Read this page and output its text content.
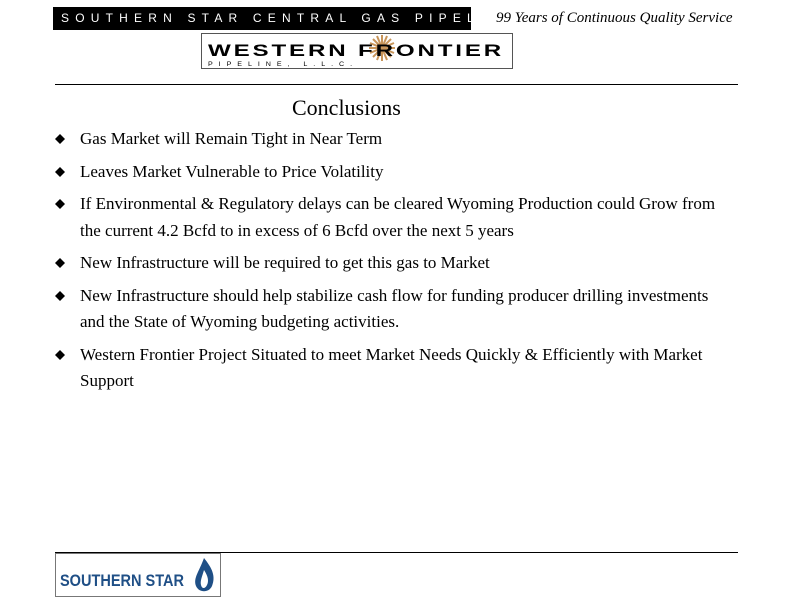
SOUTHERN STAR CENTRAL GAS PIPELINE
99 Years of Continuous Quality Service
WESTERN FRONTIER
PIPELINE, L.L.C.
Conclusions
Gas Market will Remain Tight in Near Term
Leaves Market Vulnerable to Price Volatility
If Environmental & Regulatory delays can be cleared Wyoming Production could Grow from the current 4.2 Bcfd to in excess of 6 Bcfd over the next 5 years
New Infrastructure will be required to get this gas to Market
New Infrastructure should help stabilize cash flow for funding producer drilling investments and the State of Wyoming budgeting activities.
Western Frontier Project Situated to meet Market Needs Quickly & Efficiently with Market Support
SOUTHERN STAR
